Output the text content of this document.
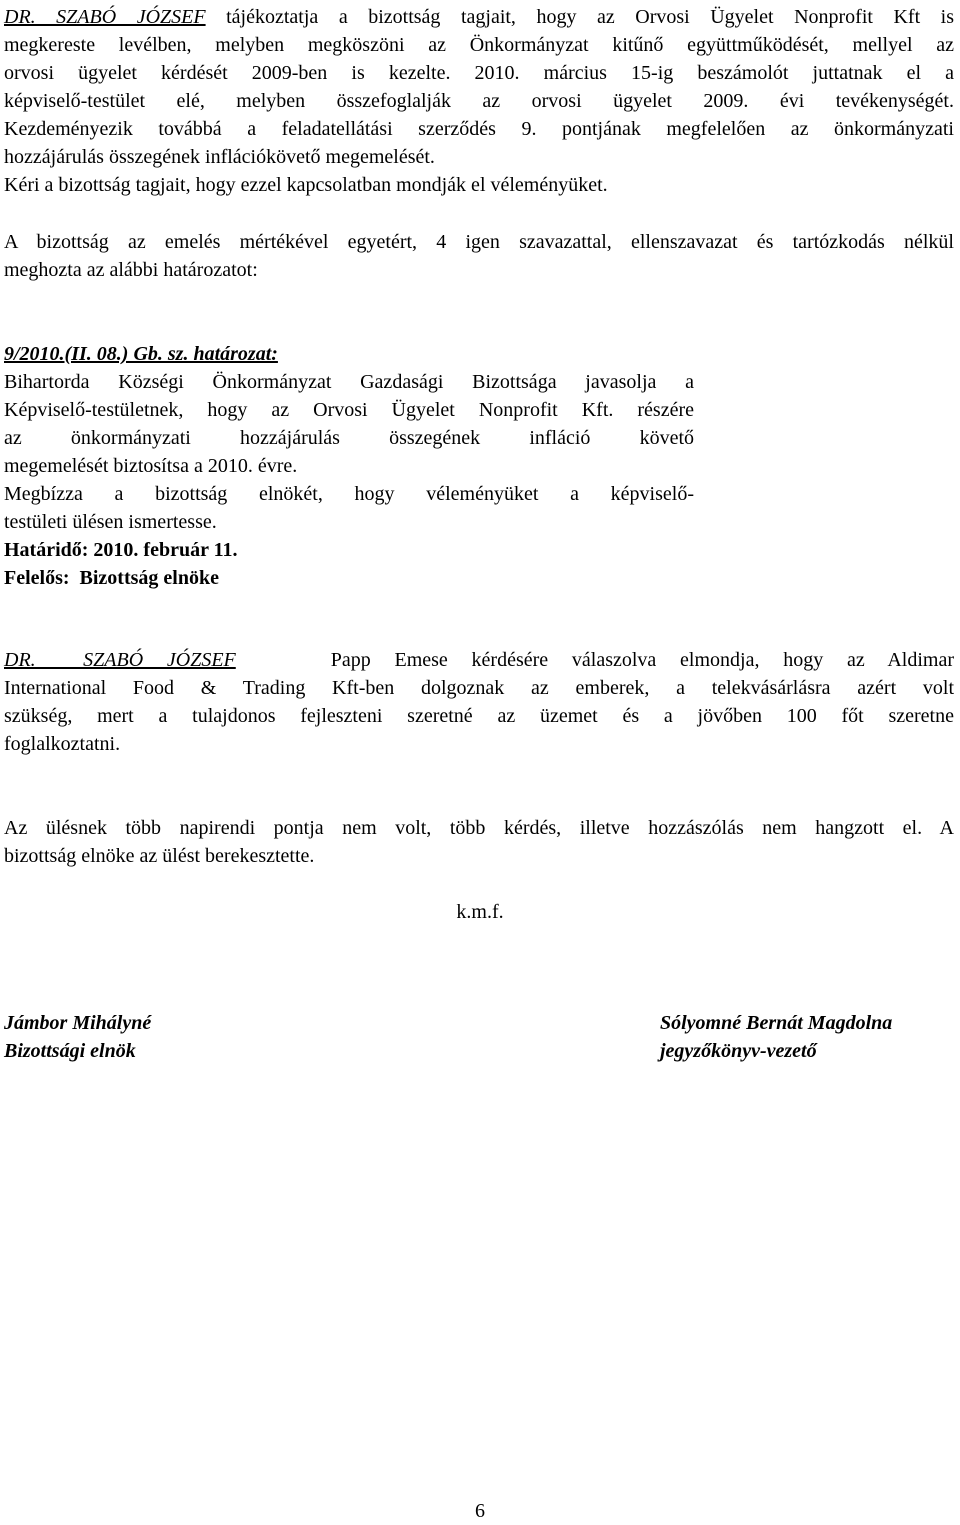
DR. SZABÓ JÓZSEF tájékoztatja a bizottság tagjait, hogy az Orvosi Ügyelet Nonprofit Kft is

megkereste levélben, melyben megköszöni az Önkormányzat kitűnő együttműködését, mellyel az

orvosi ügyelet kérdését 2009-ben is kezelte. 2010. március 15-ig beszámolót juttatnak el a

képviselő-testület elé, melyben összefoglalják az orvosi ügyelet 2009. évi tevékenységét.

Kezdeményezik továbbá a feladatellátási szerződés 9. pontjának megfelelően az önkormányzati

hozzájárulás összegének inflációkövető megemelését.

Kéri a bizottság tagjait, hogy ezzel kapcsolatban mondják el véleményüket.

A bizottság az emelés mértékével egyetért, 4 igen szavazattal, ellenszavazat és tartózkodás nélkül

meghozta az alábbi határozatot:

9/2010.(II. 08.) Gb. sz. határozat:

Bihartorda Községi Önkormányzat Gazdasági Bizottsága javasolja a

Képviselő-testületnek, hogy az Orvosi Ügyelet Nonprofit Kft. részére

az önkormányzati hozzájárulás összegének infláció követő

megemelését biztosítsa a 2010. évre.

Megbízza a bizottság elnökét, hogy véleményüket a képviselő-

testületi ülésen ismertesse.

Határidő: 2010. február 11.

Felelős:  Bizottság elnöke

DR.  SZABÓ JÓZSEF	Papp Emese kérdésére válaszolva elmondja, hogy az Aldimar

International Food & Trading Kft-ben dolgoznak az emberek, a telekvásárlásra azért volt

szükség, mert a tulajdonos fejleszteni szeretné az üzemet és a jövőben 100 főt szeretne

foglalkoztatni.

Az ülésnek több napirendi pontja nem volt, több kérdés, illetve hozzászólás nem hangzott el. A

bizottság elnöke az ülést berekesztette.

k.m.f.

Jámbor Mihályné

Bizottsági elnök

Sólyomné Bernát Magdolna

jegyzőkönyv-vezető

6
